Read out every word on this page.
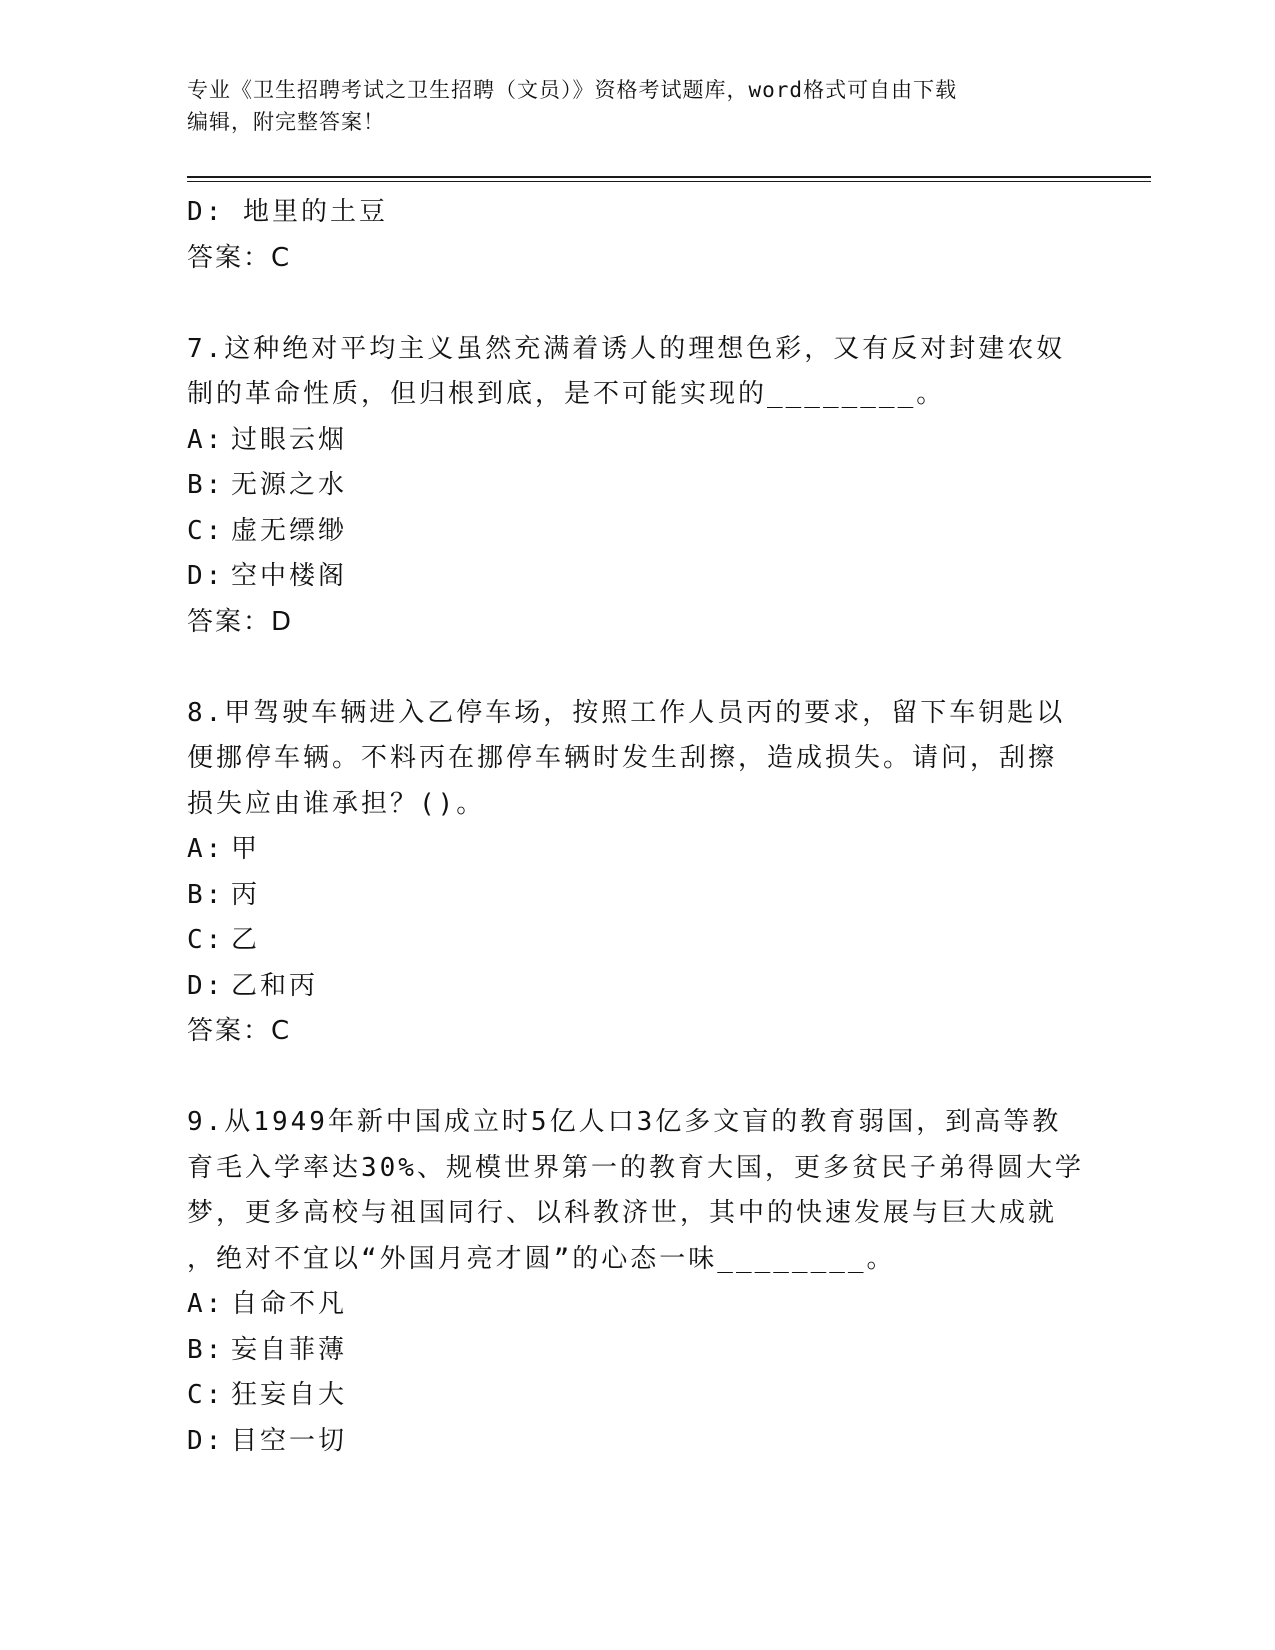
专业《卫生招聘考试之卫生招聘（文员）》资格考试题库，word格式可自由下载
编辑，附完整答案！
D: 地里的土豆
答案：C
7.这种绝对平均主义虽然充满着诱人的理想色彩，又有反对封建农奴
制的革命性质，但归根到底，是不可能实现的________。
A: 过眼云烟
B: 无源之水
C: 虚无缥缈
D: 空中楼阁
答案：D
8.甲驾驶车辆进入乙停车场，按照工作人员丙的要求，留下车钥匙以
便挪停车辆。不料丙在挪停车辆时发生刮擦，造成损失。请问，刮擦
损失应由谁承担？()。
A: 甲
B: 丙
C: 乙
D: 乙和丙
答案：C
9.从1949年新中国成立时5亿人口3亿多文盲的教育弱国，到高等教
育毛入学率达30%、规模世界第一的教育大国，更多贫民子弟得圆大学
梦，更多高校与祖国同行、以科教济世，其中的快速发展与巨大成就
，绝对不宜以“外国月亮才圆”的心态一味________。
A: 自命不凡
B: 妄自菲薄
C: 狂妄自大
D: 目空一切
